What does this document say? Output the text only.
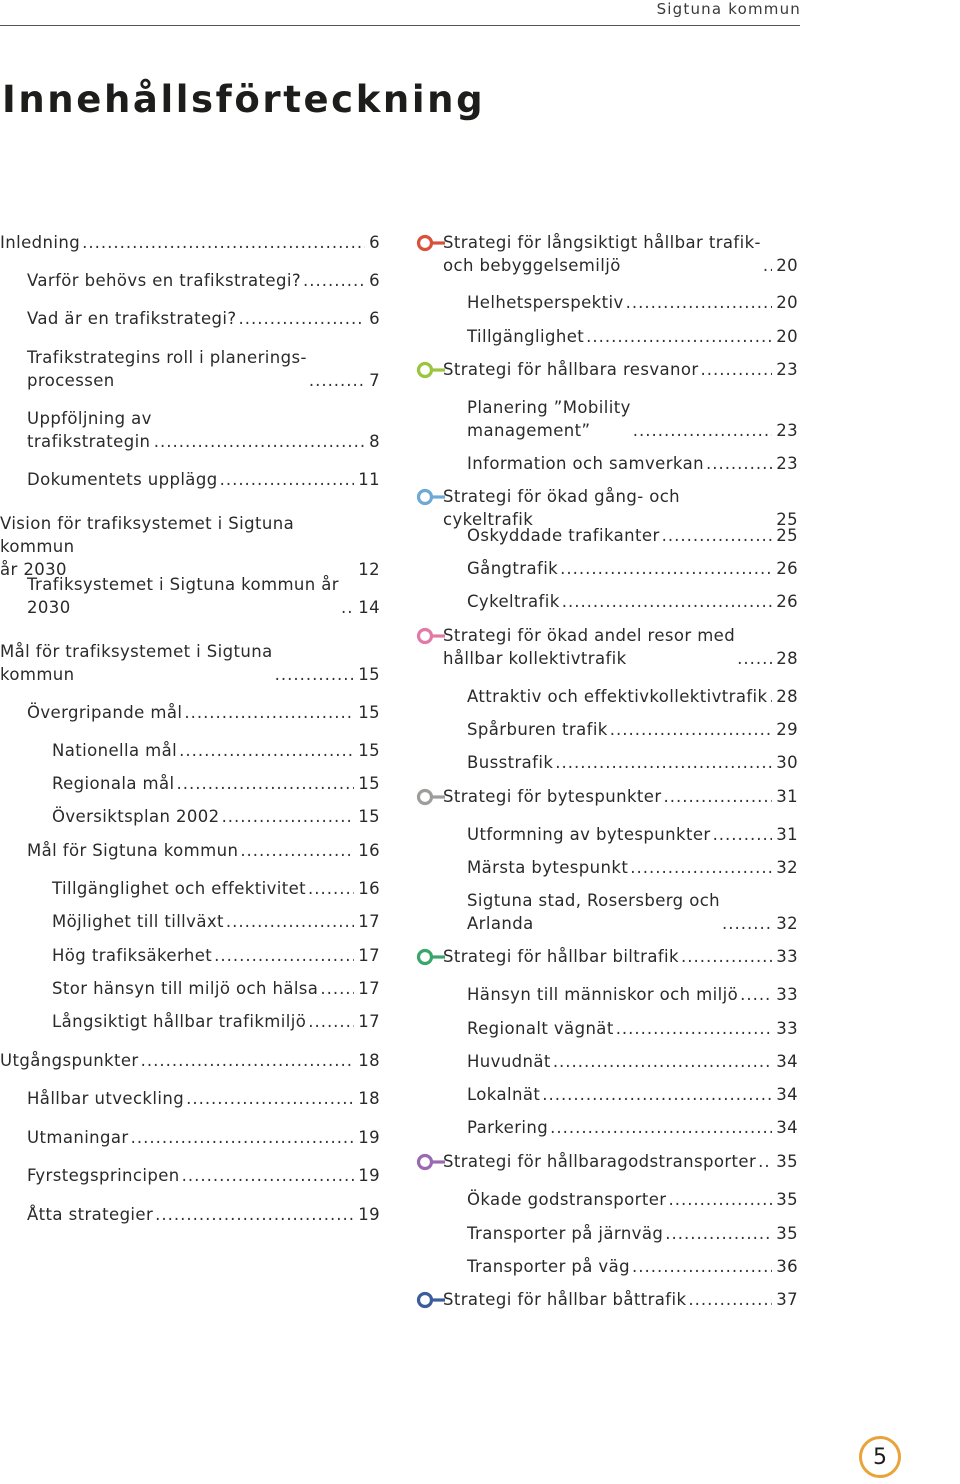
Sigtuna kommun
Innehållsförteckning
Inledning .....	6
Varför behövs en trafikstrategi? .....	6
Vad är en trafikstrategi? .....	6
Trafikstrategins roll i planerings-
processen .....	7
Uppföljning av
trafikstrategin .....	8
Dokumentets upplägg .....	11
Vision för trafiksystemet i Sigtuna kommun
år 2030	12
Trafiksystemet i Sigtuna kommun år
2030 .....	14
Mål för trafiksystemet i Sigtuna
kommun .....	15
Övergripande mål .....	15
Nationella mål .....	15
Regionala mål .....	15
Översiktsplan 2002 .....	15
Mål för Sigtuna kommun .....	16
Tillgänglighet och effektivitet .....	16
Möjlighet till tillväxt .....	17
Hög trafiksäkerhet .....	17
Stor hänsyn till miljö och hälsa ..... 17
Långsiktigt hållbar trafikmiljö .....	17
Utgångspunkter .....	18
Hållbar utveckling .....	18
Utmaningar .....	19
Fyrstegsprincipen .....	19
Åtta strategier .....	19
Strategi för långsiktigt hållbar trafik-
och bebyggelsemiljö .....	20
Helhetsperspektiv .....	20
Tillgänglighet .....	20
Strategi för hållbara resvanor .....	23
Planering ”Mobility
management” .....	23
Information och samverkan .....	23
Strategi för ökad gång- och cykeltrafik	25
Oskyddade trafikanter .....	25
Gångtrafik .....	26
Cykeltrafik .....	26
Strategi för ökad andel resor med
hållbar kollektivtrafik .....	28
Attraktiv och effektivkollektivtrafik ..... 28
Spårburen trafik .....	29
Busstrafik .....	30
Strategi för bytespunkter .....	31
Utformning av bytespunkter .....	31
Märsta bytespunkt .....	32
Sigtuna stad, Rosersberg och
Arlanda .....	32
Strategi för hållbar biltrafik .....	33
Hänsyn till människor och miljö ..... 33
Regionalt vägnät .....	33
Huvudnät .....	34
Lokalnät .....	34
Parkering .....	34
Strategi för hållbaragodstransporter ..... 35
Ökade godstransporter .....	35
Transporter på järnväg .....	35
Transporter på väg .....	36
Strategi för hållbar båttrafik .....	37
5
